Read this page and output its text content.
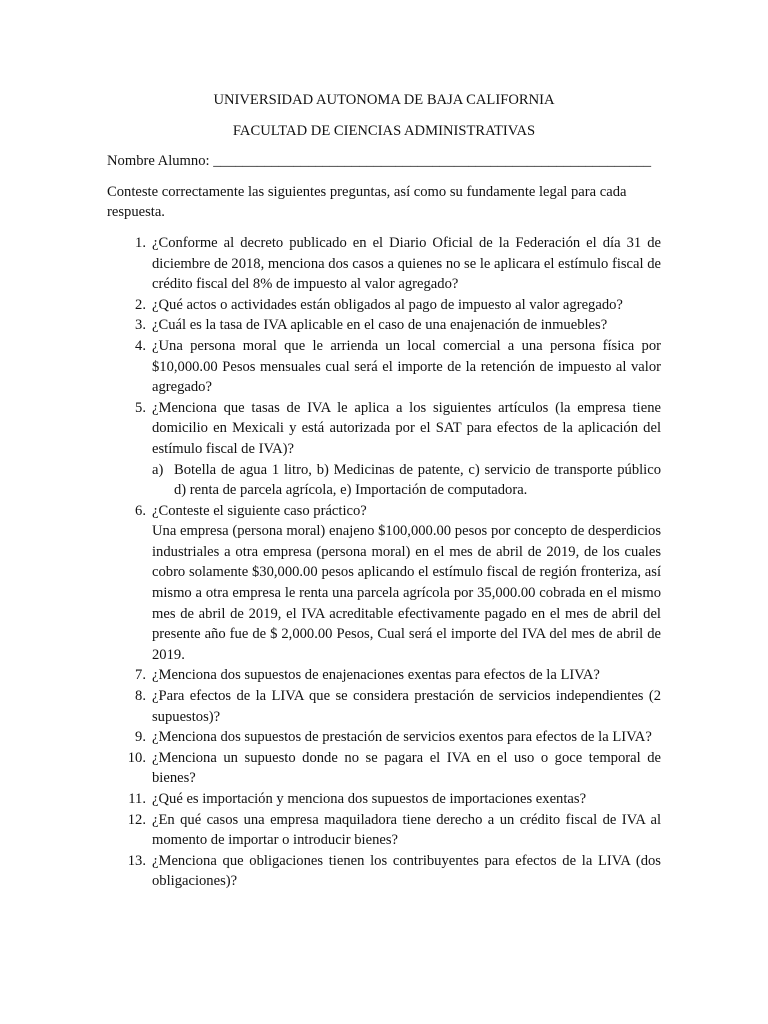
UNIVERSIDAD AUTONOMA DE BAJA CALIFORNIA
FACULTAD DE CIENCIAS ADMINISTRATIVAS
Nombre Alumno: ____________________________________________________________
Conteste correctamente las siguientes preguntas, así como su fundamente legal para cada respuesta.
1. ¿Conforme al decreto publicado en el Diario Oficial de la Federación el día 31 de diciembre de 2018, menciona dos casos a quienes no se le aplicara el estímulo fiscal de crédito fiscal del 8% de impuesto al valor agregado?
2. ¿Qué actos o actividades están obligados al pago de impuesto al valor agregado?
3. ¿Cuál es la tasa de IVA aplicable en el caso de una enajenación de inmuebles?
4. ¿Una persona moral que le arrienda un local comercial a una persona física por $10,000.00 Pesos mensuales cual será el importe de la retención de impuesto al valor agregado?
5. ¿Menciona que tasas de IVA le aplica a los siguientes artículos (la empresa tiene domicilio en Mexicali y está autorizada por el SAT para efectos de la aplicación del estímulo fiscal de IVA)?
a) Botella de agua 1 litro, b) Medicinas de patente, c) servicio de transporte público d) renta de parcela agrícola, e) Importación de computadora.
6. ¿Conteste el siguiente caso práctico?
Una empresa (persona moral) enajeno $100,000.00 pesos por concepto de desperdicios industriales a otra empresa (persona moral) en el mes de abril de 2019, de los cuales cobro solamente $30,000.00 pesos aplicando el estímulo fiscal de región fronteriza, así mismo a otra empresa le renta una parcela agrícola por 35,000.00 cobrada en el mismo mes de abril de 2019, el IVA acreditable efectivamente pagado en el mes de abril del presente año fue de $ 2,000.00 Pesos, Cual será el importe del IVA del mes de abril de 2019.
7. ¿Menciona dos supuestos de enajenaciones exentas para efectos de la LIVA?
8. ¿Para efectos de la LIVA que se considera prestación de servicios independientes (2 supuestos)?
9. ¿Menciona dos supuestos de prestación de servicios exentos para efectos de la LIVA?
10. ¿Menciona un supuesto donde no se pagara el IVA en el uso o goce temporal de bienes?
11. ¿Qué es importación y menciona dos supuestos de importaciones exentas?
12. ¿En qué casos una empresa maquiladora tiene derecho a un crédito fiscal de IVA al momento de importar o introducir bienes?
13. ¿Menciona que obligaciones tienen los contribuyentes para efectos de la LIVA (dos obligaciones)?
